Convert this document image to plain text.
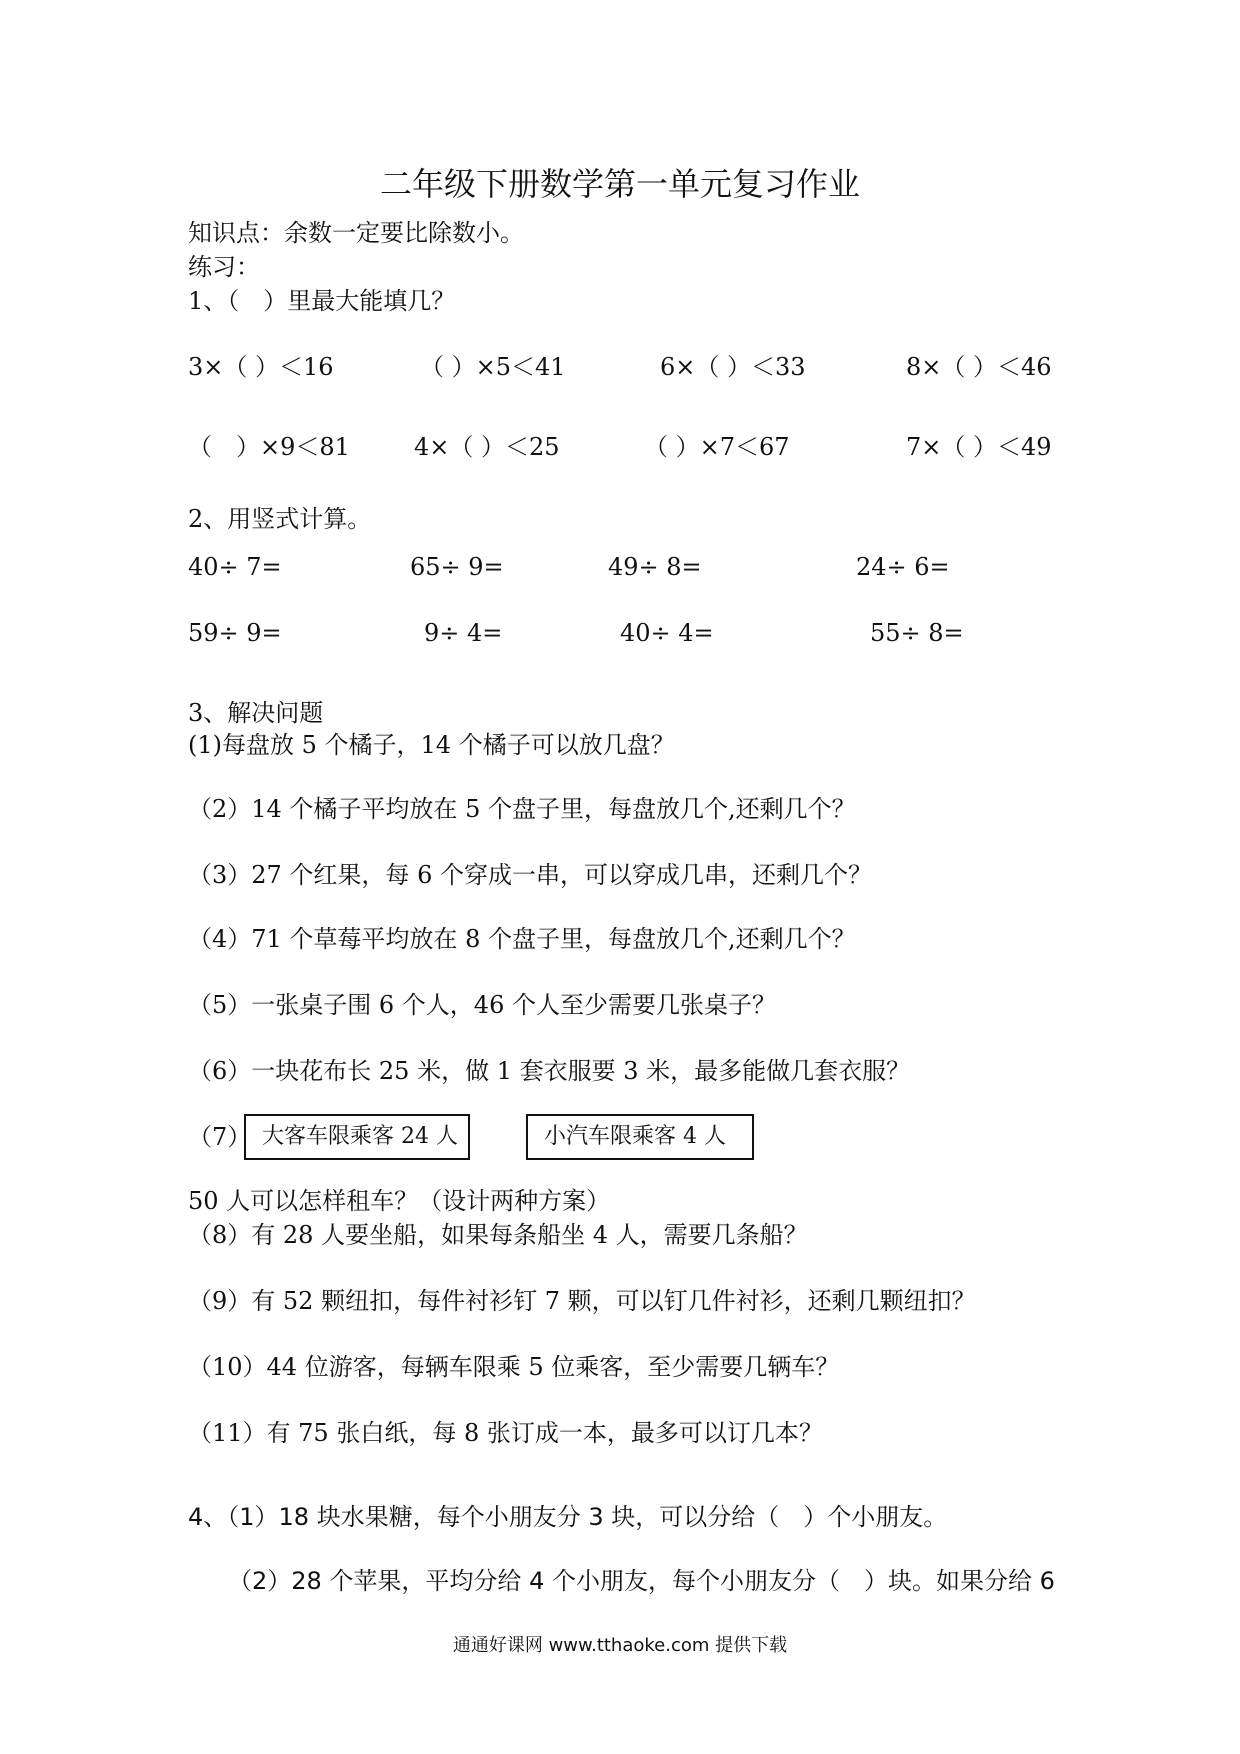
二年级下册数学第一单元复习作业
知识点：余数一定要比除数小。
练习：
1、（　）里最大能填几？
3×（ ）＜16	（ ）×5＜41	6×（ ）＜33	8×（ ）＜46
（　）×9＜81	4×（ ）＜25	（ ）×7＜67	7×（ ）＜49
2、用竖式计算。
40÷ 7=	65÷ 9=	49÷ 8=	24÷ 6=
59÷ 9=	9÷ 4=	40÷ 4=	55÷ 8=
3、解决问题
(1)每盘放 5 个橘子，14 个橘子可以放几盘？
（2）14 个橘子平均放在 5 个盘子里，每盘放几个,还剩几个？
（3）27 个红果，每 6 个穿成一串，可以穿成几串，还剩几个？
（4）71 个草莓平均放在 8 个盘子里，每盘放几个,还剩几个？
（5）一张桌子围 6 个人，46 个人至少需要几张桌子？
（6）一块花布长 25 米，做 1 套衣服要 3 米，最多能做几套衣服？
（7） 大客车限乘客 24 人	小汽车限乘客 4 人
50 人可以怎样租车？（设计两种方案）
（8）有 28 人要坐船，如果每条船坐 4 人，需要几条船？
（9）有 52 颗纽扣，每件衬衫钉 7 颗，可以钉几件衬衫，还剩几颗纽扣？
（10）44 位游客，每辆车限乘 5 位乘客，至少需要几辆车？
（11）有 75 张白纸，每 8 张订成一本，最多可以订几本？
4、（1）18 块水果糖，每个小朋友分 3 块，可以分给（　）个小朋友。
（2）28 个苹果，平均分给 4 个小朋友，每个小朋友分（　）块。如果分给 6
通通好课网 www.tthaoke.com 提供下载
